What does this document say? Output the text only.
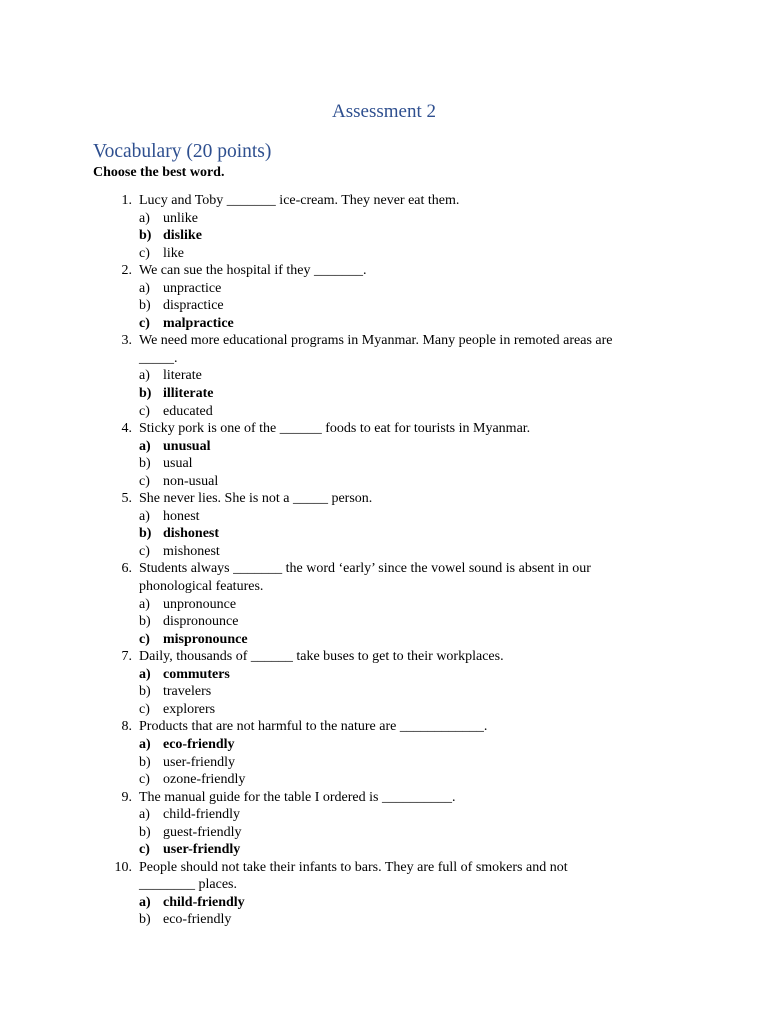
Assessment 2
Vocabulary (20 points)
Choose the best word.
1. Lucy and Toby _______ ice-cream. They never eat them.
a) unlike
b) dislike
c) like
2. We can sue the hospital if they _______.
a) unpractice
b) dispractice
c) malpractice
3. We need more educational programs in Myanmar. Many people in remoted areas are
_____.
a) literate
b) illiterate
c) educated
4. Sticky pork is one of the ______ foods to eat for tourists in Myanmar.
a) unusual
b) usual
c) non-usual
5. She never lies. She is not a _____ person.
a) honest
b) dishonest
c) mishonest
6. Students always _______ the word ‘early’ since the vowel sound is absent in our
phonological features.
a) unpronounce
b) dispronounce
c) mispronounce
7. Daily, thousands of ______ take buses to get to their workplaces.
a) commuters
b) travelers
c) explorers
8. Products that are not harmful to the nature are ____________.
a) eco-friendly
b) user-friendly
c) ozone-friendly
9. The manual guide for the table I ordered is __________.
a) child-friendly
b) guest-friendly
c) user-friendly
10. People should not take their infants to bars. They are full of smokers and not
________ places.
a) child-friendly
b) eco-friendly
